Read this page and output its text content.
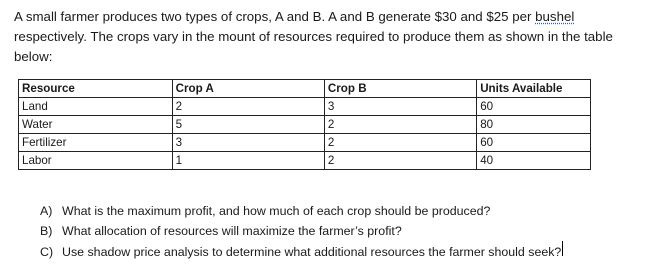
A small farmer produces two types of crops, A and B. A and B generate $30 and $25 per bushel
respectively. The crops vary in the mount of resources required to produce them as shown in the table
below:
Resource	Crop A	Crop B	Units Available
Land	2	3	60
Water	5	2	80
Fertilizer	3	2	60
Labor	1	2	40
A) What is the maximum profit, and how much of each crop should be produced?
B) What allocation of resources will maximize the farmer’s profit?
C) Use shadow price analysis to determine what additional resources the farmer should seek?
